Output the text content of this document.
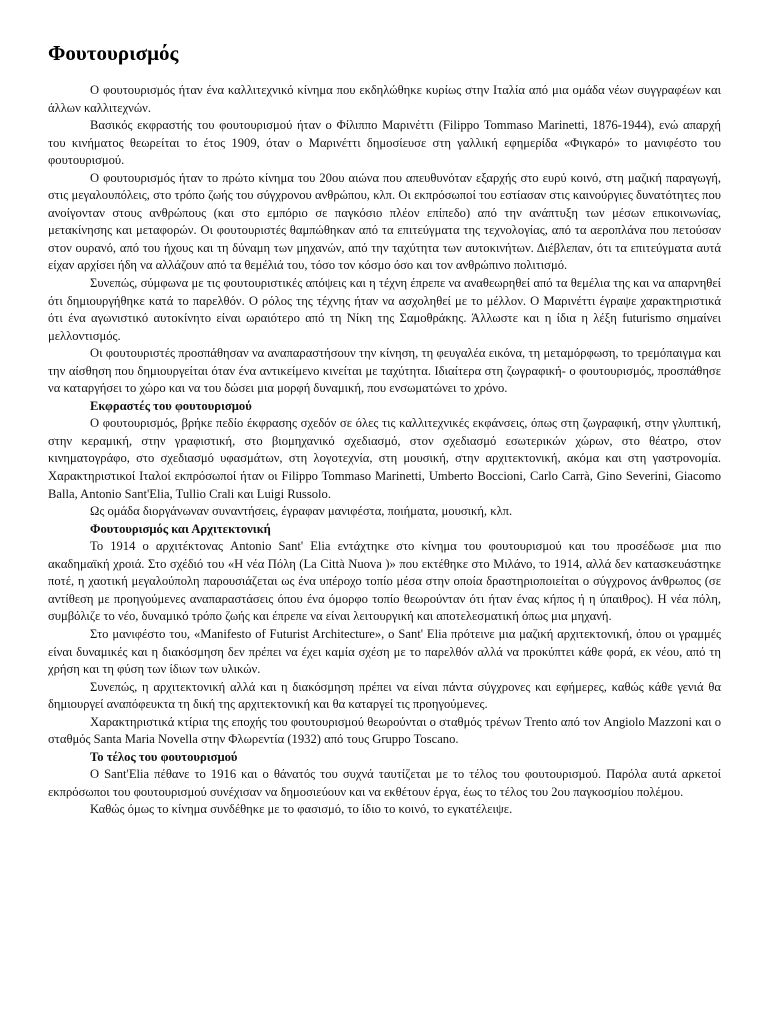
Φουτουρισμός

Ο φουτουρισμός ήταν ένα καλλιτεχνικό κίνημα που εκδηλώθηκε κυρίως στην Ιταλία από μια ομάδα νέων συγγραφέων και άλλων καλλιτεχνών.

Βασικός εκφραστής του φουτουρισμού ήταν ο Φίλιππο Μαρινέττι (Filippo Tommaso Marinetti, 1876-1944), ενώ απαρχή του κινήματος θεωρείται το έτος 1909, όταν ο Μαρινέττι δημοσίευσε στη γαλλική εφημερίδα «Φιγκαρό» το μανιφέστο του φουτουρισμού.

Ο φουτουρισμός ήταν το πρώτο κίνημα του 20ου αιώνα που απευθυνόταν εξαρχής στο ευρύ κοινό, στη μαζική παραγωγή, στις μεγαλουπόλεις, στο τρόπο ζωής του σύγχρονου ανθρώπου, κλπ. Οι εκπρόσωποί του εστίασαν στις καινούργιες δυνατότητες που ανοίγονταν στους ανθρώπους (και στο εμπόριο σε παγκόσιο πλέον επίπεδο) από την ανάπτυξη των μέσων επικοινωνίας, μετακίνησης και μεταφορών. Οι φουτουριστές θαμπώθηκαν από τα επιτεύγματα της τεχνολογίας, από τα αεροπλάνα που πετούσαν στον ουρανό, από του ήχους και τη δύναμη των μηχανών, από την ταχύτητα των αυτοκινήτων. Διέβλεπαν, ότι τα επιτεύγματα αυτά είχαν αρχίσει ήδη να αλλάζουν από τα θεμέλιά του, τόσο τον κόσμο όσο και τον ανθρώπινο πολιτισμό.

Συνεπώς, σύμφωνα με τις φουτουριστικές απόψεις και η τέχνη έπρεπε να αναθεωρηθεί από τα θεμέλια της και να απαρνηθεί ότι δημιουργήθηκε κατά το παρελθόν. Ο ρόλος της τέχνης ήταν να ασχοληθεί με το μέλλον. Ο Μαρινέττι έγραψε χαρακτηριστικά ότι ένα αγωνιστικό αυτοκίνητο είναι ωραιότερο από τη Νίκη της Σαμοθράκης. Άλλωστε και η ίδια η λέξη futurismo σημαίνει μελλοντισμός.

Οι φουτουριστές προσπάθησαν να αναπαραστήσουν την κίνηση, τη φευγαλέα εικόνα, τη μεταμόρφωση, το τρεμόπαιγμα και την αίσθηση που δημιουργείται όταν ένα αντικείμενο κινείται με ταχύτητα. Ιδιαίτερα στη ζωγραφική- ο φουτουρισμός, προσπάθησε να καταργήσει το χώρο και να του δώσει μια μορφή δυναμική, που ενσωματώνει το χρόνο.

Εκφραστές του φουτουρισμού

Ο φουτουρισμός, βρήκε πεδίο έκφρασης σχεδόν σε όλες τις καλλιτεχνικές εκφάνσεις, όπως στη ζωγραφική, στην γλυπτική, στην κεραμική, στην γραφιστική, στο βιομηχανικό σχεδιασμό, στον σχεδιασμό εσωτερικών χώρων, στο θέατρο, στον κινηματογράφο, στο σχεδιασμό υφασμάτων, στη λογοτεχνία, στη μουσική, στην αρχιτεκτονική, ακόμα και στη γαστρονομία. Χαρακτηριστικοί Ιταλοί εκπρόσωποί ήταν οι Filippo Tommaso Marinetti, Umberto Boccioni, Carlo Carrà, Gino Severini, Giacomo Balla, Antonio Sant'Elia, Tullio Crali και Luigi Russolo.

Ως ομάδα διοργάνωναν συναντήσεις, έγραφαν μανιφέστα, ποιήματα, μουσική, κλπ.

Φουτουρισμός και Αρχιτεκτονική

Το 1914 ο αρχιτέκτονας Antonio Sant' Elia εντάχτηκε στο κίνημα του φουτουρισμού και του προσέδωσε μια πιο ακαδημαϊκή χροιά. Στο σχέδιό του «Η νέα Πόλη (La Città Nuova )» που εκτέθηκε στο Μιλάνο, το 1914, αλλά δεν κατασκευάστηκε ποτέ, η χαοτική μεγαλούπολη παρουσιάζεται ως ένα υπέροχο τοπίο μέσα στην οποία δραστηριοποιείται ο σύγχρονος άνθρωπος (σε αντίθεση με προηγούμενες αναπαραστάσεις όπου ένα όμορφο τοπίο θεωρούνταν ότι ήταν ένας κήπος ή η ύπαιθρος). Η νέα πόλη, συμβόλιζε το νέο, δυναμικό τρόπο ζωής και έπρεπε να είναι λειτουργική και αποτελεσματική όπως μια μηχανή.

Στο μανιφέστο του, «Manifesto of Futurist Architecture», ο Sant' Elia πρότεινε μια μαζική αρχιτεκτονική, όπου οι γραμμές είναι δυναμικές και η διακόσμηση δεν πρέπει να έχει καμία σχέση με το παρελθόν αλλά να προκύπτει κάθε φορά, εκ νέου, από τη χρήση και τη φύση των ίδιων των υλικών.

Συνεπώς, η αρχιτεκτονική αλλά και η διακόσμηση πρέπει να είναι πάντα σύγχρονες και εφήμερες, καθώς κάθε γενιά θα δημιουργεί αναπόφευκτα τη δική της αρχιτεκτονική και θα καταργεί τις προηγούμενες.

Χαρακτηριστικά κτίρια της εποχής του φουτουρισμού θεωρούνται ο σταθμός τρένων Trento από τον Angiolo Mazzoni και ο σταθμός Santa Maria Novella στην Φλωρεντία (1932) από τους Gruppo Toscano.

Το τέλος του φουτουρισμού

Ο Sant'Elia πέθανε το 1916 και ο θάνατός του συχνά ταυτίζεται με το τέλος του φουτουρισμού. Παρόλα αυτά αρκετοί εκπρόσωποι του φουτουρισμού συνέχισαν να δημοσιεύουν και να εκθέτουν έργα, έως το τέλος του 2ου παγκοσμίου πολέμου.

Καθώς όμως το κίνημα συνδέθηκε με το φασισμό, το ίδιο το κοινό, το εγκατέλειψε.
